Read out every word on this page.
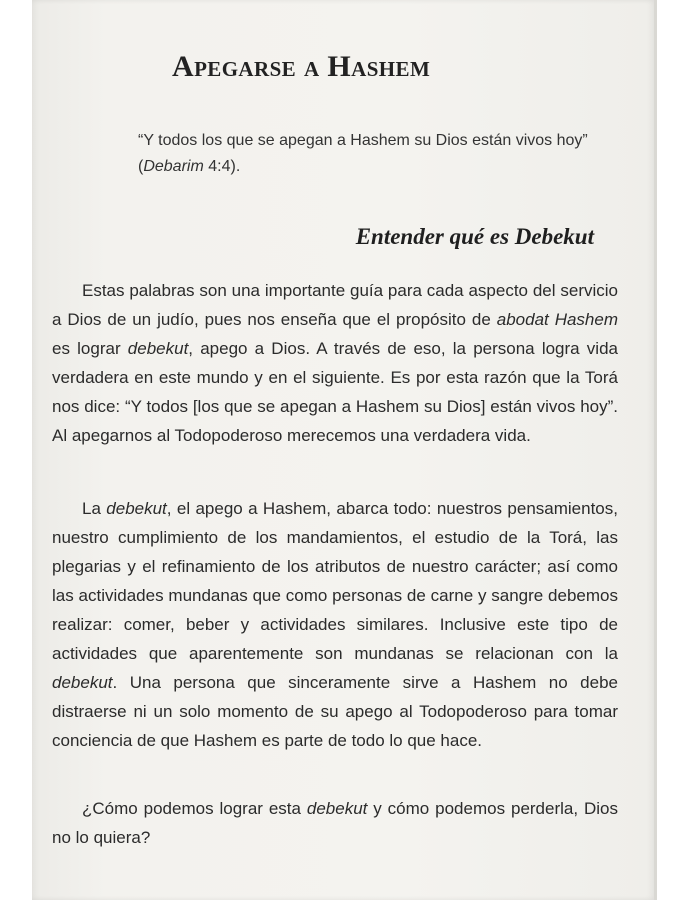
Apegarse a Hashem

“Y todos los que se apegan a Hashem su Dios están vivos hoy” (Debarim 4:4).

Entender qué es Debekut

Estas palabras son una importante guía para cada aspecto del servicio a Dios de un judío, pues nos enseña que el propósito de abodat Hashem es lograr debekut, apego a Dios. A través de eso, la persona logra vida verdadera en este mundo y en el siguiente. Es por esta razón que la Torá nos dice: “Y todos [los que se apegan a Hashem su Dios] están vivos hoy”. Al apegarnos al Todopoderoso merecemos una verdadera vida.

La debekut, el apego a Hashem, abarca todo: nuestros pensamientos, nuestro cumplimiento de los mandamientos, el estudio de la Torá, las plegarias y el refinamiento de los atributos de nuestro carácter; así como las actividades mundanas que como personas de carne y sangre debemos realizar: comer, beber y actividades similares. Inclusive este tipo de actividades que aparentemente son mundanas se relacionan con la debekut. Una persona que sinceramente sirve a Hashem no debe distraerse ni un solo momento de su apego al Todopoderoso para tomar conciencia de que Hashem es parte de todo lo que hace.

¿Cómo podemos lograr esta debekut y cómo podemos perderla, Dios no lo quiera?
